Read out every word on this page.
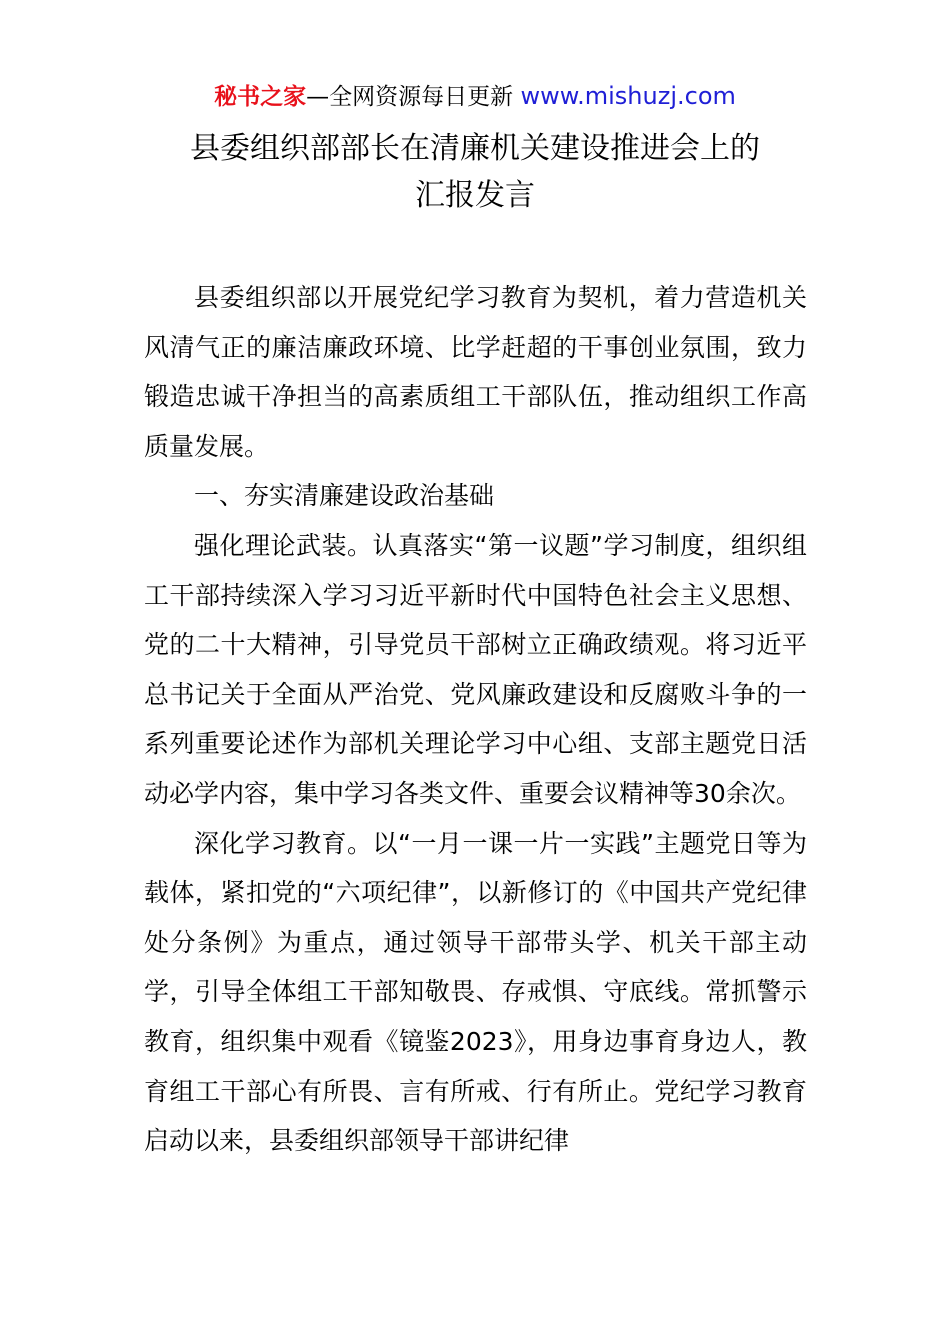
秘书之家—全网资源每日更新 www.mishuzj.com
县委组织部部长在清廉机关建设推进会上的
汇报发言

县委组织部以开展党纪学习教育为契机，着力营造机关风清气正的廉洁廉政环境、比学赶超的干事创业氛围，致力锻造忠诚干净担当的高素质组工干部队伍，推动组织工作高质量发展。

一、夯实清廉建设政治基础

强化理论武装。认真落实“第一议题”学习制度，组织组工干部持续深入学习习近平新时代中国特色社会主义思想、党的二十大精神，引导党员干部树立正确政绩观。将习近平总书记关于全面从严治党、党风廉政建设和反腐败斗争的一系列重要论述作为部机关理论学习中心组、支部主题党日活动必学内容，集中学习各类文件、重要会议精神等30余次。

深化学习教育。以“一月一课一片一实践”主题党日等为载体，紧扣党的“六项纪律”，以新修订的《中国共产党纪律处分条例》为重点，通过领导干部带头学、机关干部主动学，引导全体组工干部知敬畏、存戒惧、守底线。常抓警示教育，组织集中观看《镜鉴2023》，用身边事育身边人，教育组工干部心有所畏、言有所戒、行有所止。党纪学习教育启动以来，县委组织部领导干部讲纪律
